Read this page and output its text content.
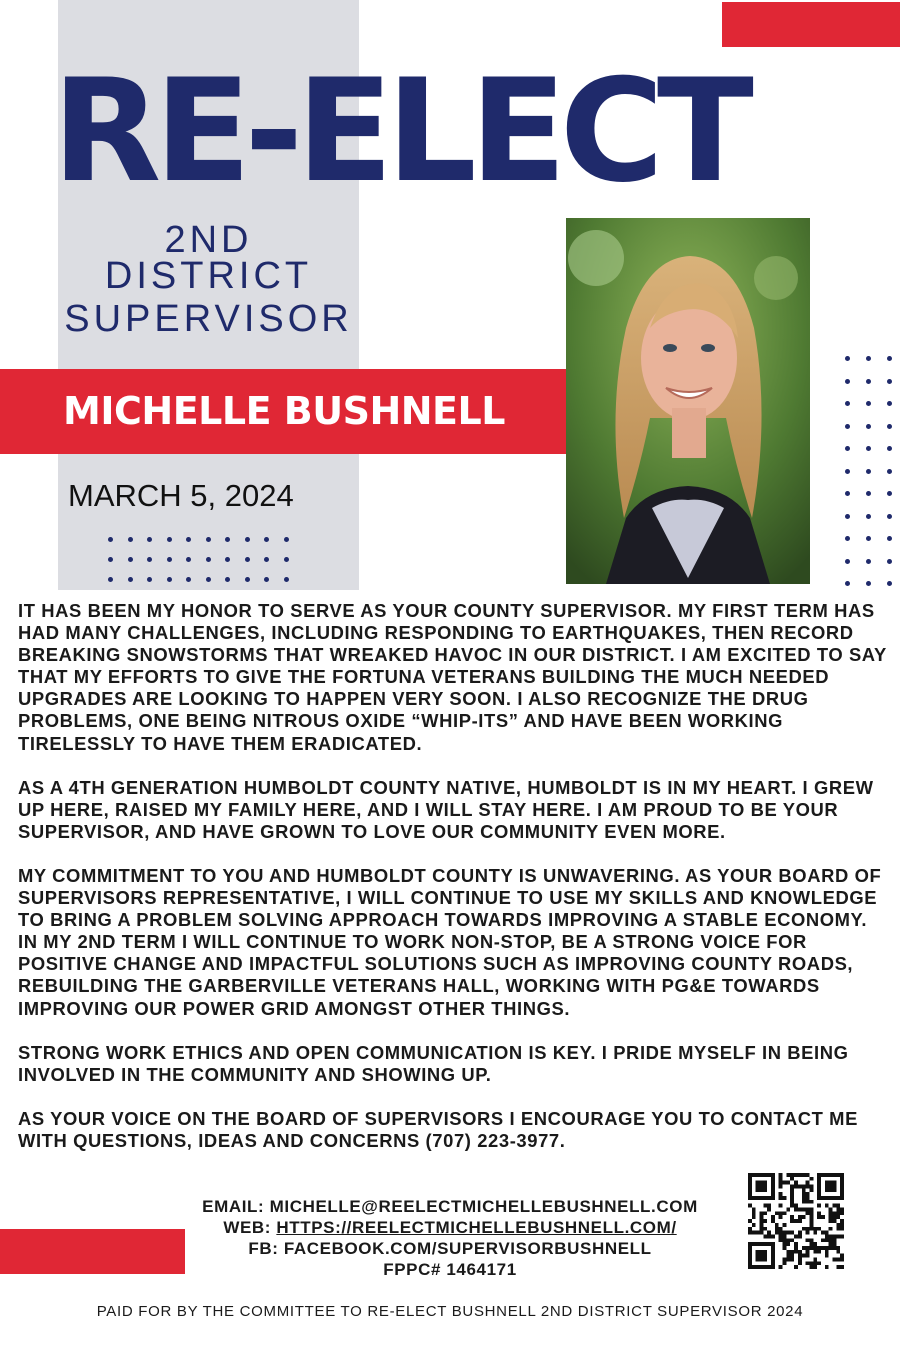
RE-ELECT
2ND
DISTRICT
SUPERVISOR
MICHELLE BUSHNELL
MARCH 5, 2024

IT HAS BEEN MY HONOR TO SERVE AS YOUR COUNTY SUPERVISOR. MY FIRST TERM HAS HAD MANY CHALLENGES, INCLUDING RESPONDING TO EARTHQUAKES, THEN RECORD BREAKING SNOWSTORMS THAT WREAKED HAVOC IN OUR DISTRICT. I AM EXCITED TO SAY THAT MY EFFORTS TO GIVE THE FORTUNA VETERANS BUILDING THE MUCH NEEDED UPGRADES ARE LOOKING TO HAPPEN VERY SOON. I ALSO RECOGNIZE THE DRUG PROBLEMS, ONE BEING NITROUS OXIDE “WHIP-ITS” AND HAVE BEEN WORKING TIRELESSLY TO HAVE THEM ERADICATED.

AS A 4TH GENERATION HUMBOLDT COUNTY NATIVE, HUMBOLDT IS IN MY HEART. I GREW UP HERE, RAISED MY FAMILY HERE, AND I WILL STAY HERE. I AM PROUD TO BE YOUR SUPERVISOR, AND HAVE GROWN TO LOVE OUR COMMUNITY EVEN MORE.

MY COMMITMENT TO YOU AND HUMBOLDT COUNTY IS UNWAVERING. AS YOUR BOARD OF SUPERVISORS REPRESENTATIVE, I WILL CONTINUE TO USE MY SKILLS AND KNOWLEDGE TO BRING A PROBLEM SOLVING APPROACH TOWARDS IMPROVING A STABLE ECONOMY. IN MY 2ND TERM I WILL CONTINUE TO WORK NON-STOP, BE A STRONG VOICE FOR POSITIVE CHANGE AND IMPACTFUL SOLUTIONS SUCH AS IMPROVING COUNTY ROADS, REBUILDING THE GARBERVILLE VETERANS HALL, WORKING WITH PG&E TOWARDS IMPROVING OUR POWER GRID AMONGST OTHER THINGS.

STRONG WORK ETHICS AND OPEN COMMUNICATION IS KEY. I PRIDE MYSELF IN BEING INVOLVED IN THE COMMUNITY AND SHOWING UP.

AS YOUR VOICE ON THE BOARD OF SUPERVISORS I ENCOURAGE YOU TO CONTACT ME WITH QUESTIONS, IDEAS AND CONCERNS (707) 223-3977.

EMAIL: MICHELLE@REELECTMICHELLEBUSHNELL.COM
WEB: HTTPS://REELECTMICHELLEBUSHNELL.COM/
FB: FACEBOOK.COM/SUPERVISORBUSHNELL
FPPC# 1464171
PAID FOR BY THE COMMITTEE TO RE-ELECT BUSHNELL 2ND DISTRICT SUPERVISOR 2024
